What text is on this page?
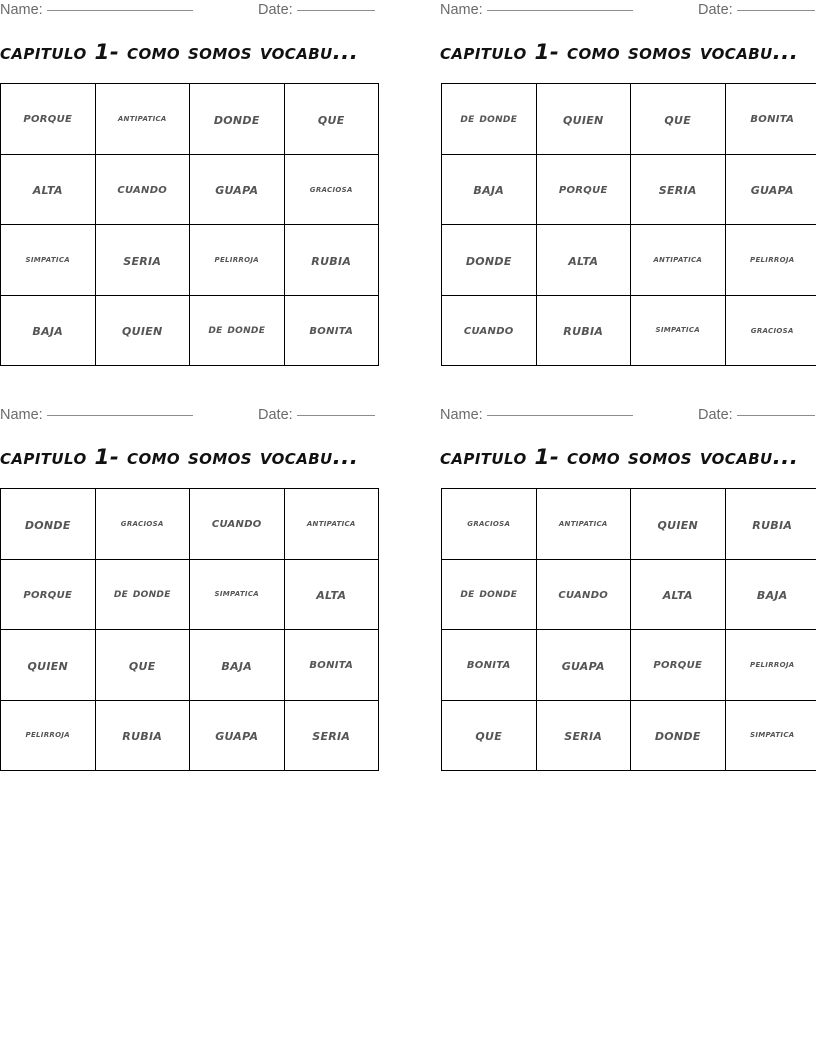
Name:	Date:
capitulo 1- como somos vocabu...
porque	antipatica	donde	que

alta	cuando	guapa	graciosa

simpatica	seria	pelirroja	rubia

baja	quien	de donde	bonita
Name:	Date:
capitulo 1- como somos vocabu...
de donde	quien	que	bonita

baja	porque	seria	guapa

donde	alta	antipatica	pelirroja

cuando	rubia	simpatica	graciosa
Name:	Date:
capitulo 1- como somos vocabu...
donde	graciosa	cuando	antipatica

porque	de donde	simpatica	alta

quien	que	baja	bonita

pelirroja	rubia	guapa	seria
Name:	Date:
capitulo 1- como somos vocabu...
graciosa	antipatica	quien	rubia

de donde	cuando	alta	baja

bonita	guapa	porque	pelirroja

que	seria	donde	simpatica
